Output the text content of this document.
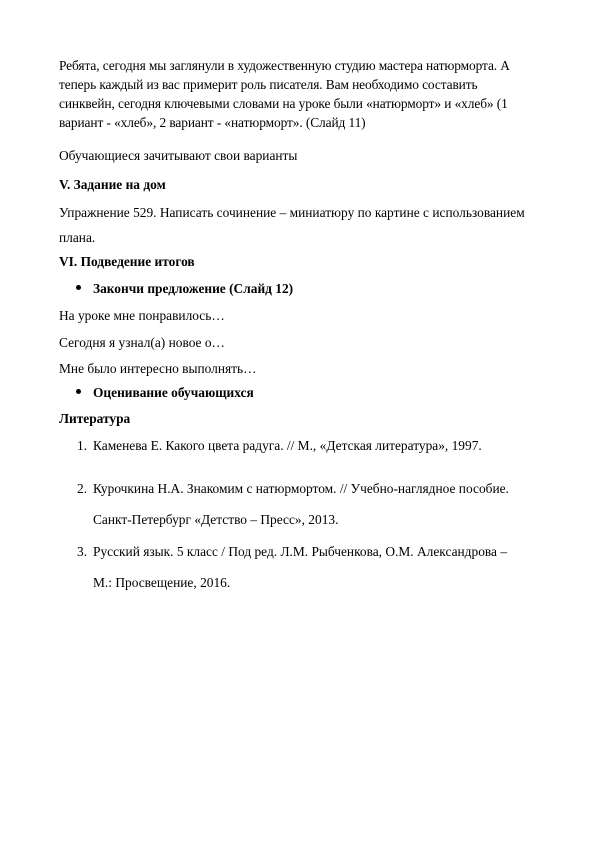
Ребята, сегодня мы заглянули в художественную студию мастера натюрморта. А
теперь каждый из вас примерит роль писателя. Вам необходимо составить
синквейн, сегодня ключевыми словами на уроке были «натюрморт» и «хлеб» (1
вариант - «хлеб», 2 вариант - «натюрморт». (Слайд 11)

Обучающиеся зачитывают свои варианты

V. Задание на дом

Упражнение 529. Написать сочинение – миниатюру по картине с использованием
плана.

VI. Подведение итогов

Закончи предложение (Слайд 12)

На уроке мне понравилось…

Сегодня я узнал(а) новое о…

Мне было интересно выполнять…

Оценивание обучающихся

Литература

1. Каменева Е. Какого цвета радуга. // М., «Детская литература», 1997.
2. Курочкина Н.А. Знакомим с натюрмортом. // Учебно-наглядное пособие.
Санкт-Петербург «Детство – Пресс», 2013.
3. Русский язык. 5 класс / Под ред. Л.М. Рыбченкова, О.М. Александрова –
М.: Просвещение, 2016.
